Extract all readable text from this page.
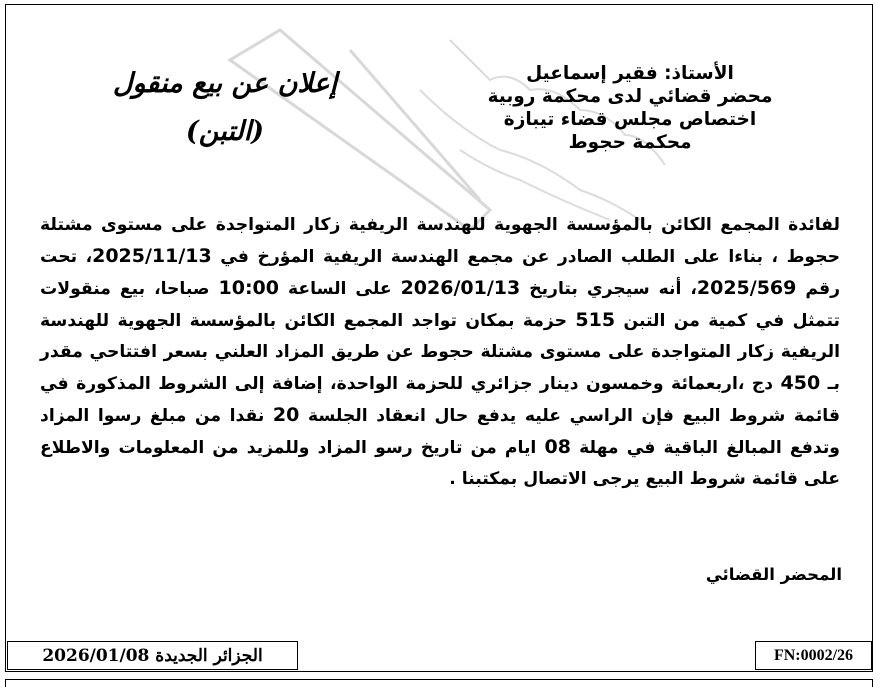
إعلان عن بيع منقول
(التبن)
الأستاذ: فقير إسماعيل
محضر قضائي لدى محكمة روبية
اختصاص مجلس قضاء تيبازة
محكمة حجوط
لفائدة المجمع الكائن بالمؤسسة الجهوية للهندسة الريفية زكار المتواجدة على مستوى مشتلة حجوط ، بناءا على الطلب الصادر عن مجمع الهندسة الريفية المؤرخ في 2025/11/13، تحت رقم 2025/569، أنه سيجري بتاريخ 2026/01/13 على الساعة 10:00 صباحا، بيع منقولات تتمثل في كمية من التبن 515 حزمة بمكان تواجد المجمع الكائن بالمؤسسة الجهوية للهندسة الريفية زكار المتواجدة على مستوى مشتلة حجوط عن طريق المزاد العلني بسعر افتتاحي مقدر بـ 450 دج ،اربعمائة وخمسون دينار جزائري للحزمة الواحدة، إضافة إلى الشروط المذكورة في قائمة شروط البيع فإن الراسي عليه يدفع حال انعقاد الجلسة 20 نقدا من مبلغ رسوا المزاد وتدفع المبالغ الباقية في مهلة 08 ايام من تاريخ رسو المزاد وللمزيد من المعلومات والاطلاع على قائمة شروط البيع يرجى الاتصال بمكتبنا .
المحضر القضائي
الجزائر الجديدة 2026/01/08	FN:0002/26
